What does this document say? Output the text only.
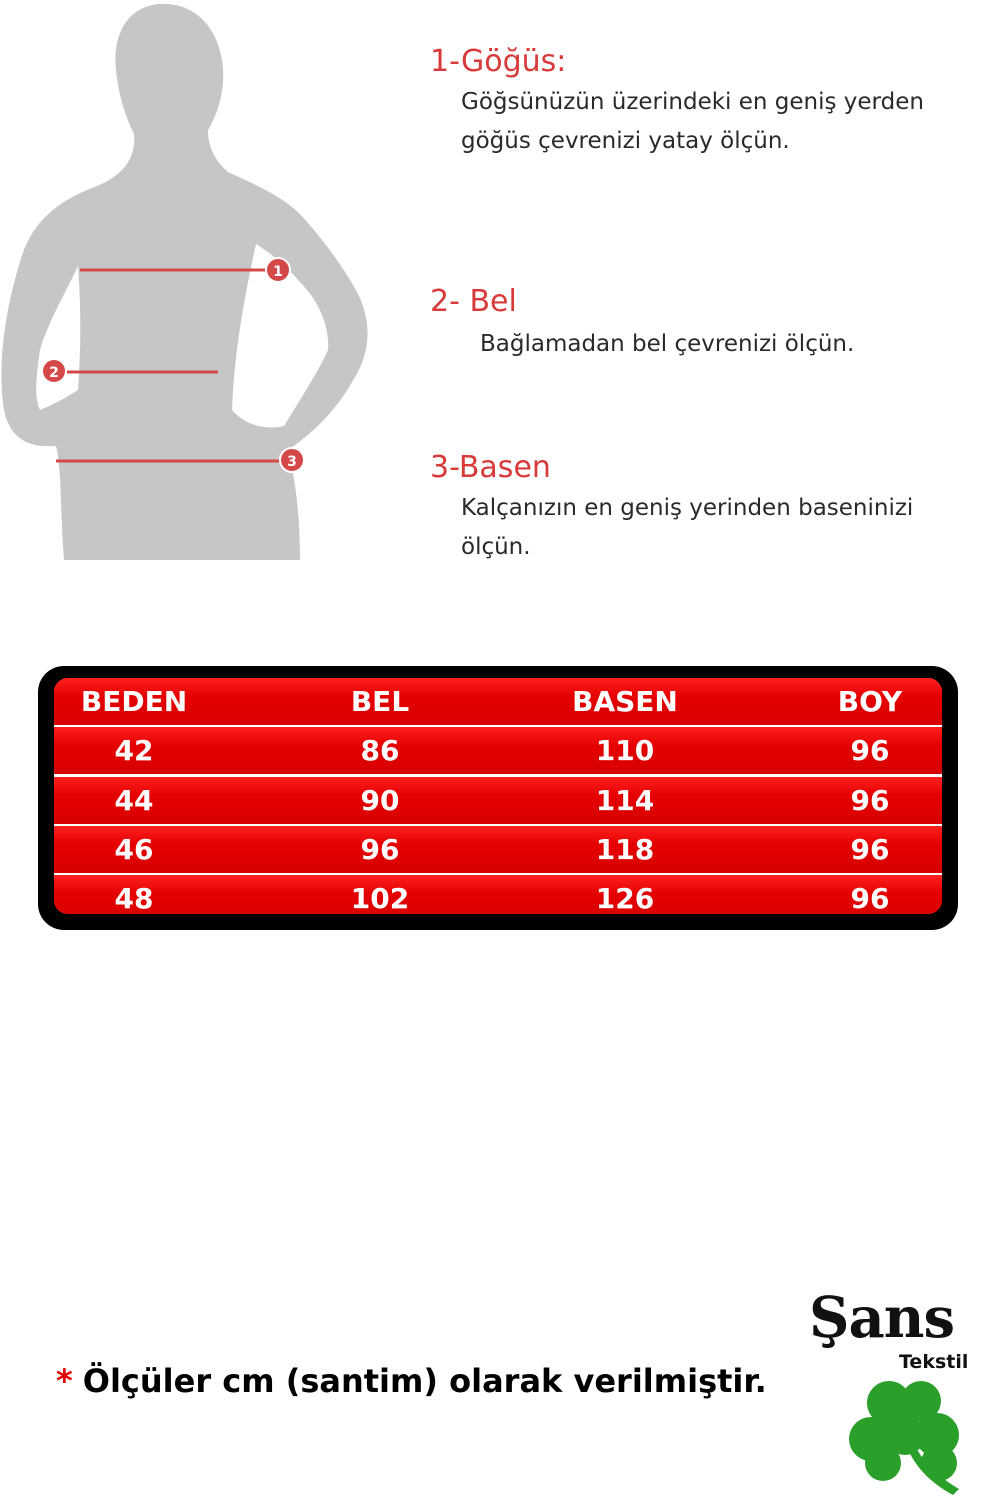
1
2
3
1-Göğüs:
Göğsünüzün üzerindeki en geniş yerden
göğüs çevrenizi yatay ölçün.
2- Bel
Bağlamadan bel çevrenizi ölçün.
3-Basen
Kalçanızın en geniş yerinden baseninizi
ölçün.
BEDEN	BEL	BASEN	BOY
42	86	110	96
44	90	114	96
46	96	118	96
48	102	126	96
* Ölçüler cm (santim) olarak verilmiştir.
Şans
Tekstil
